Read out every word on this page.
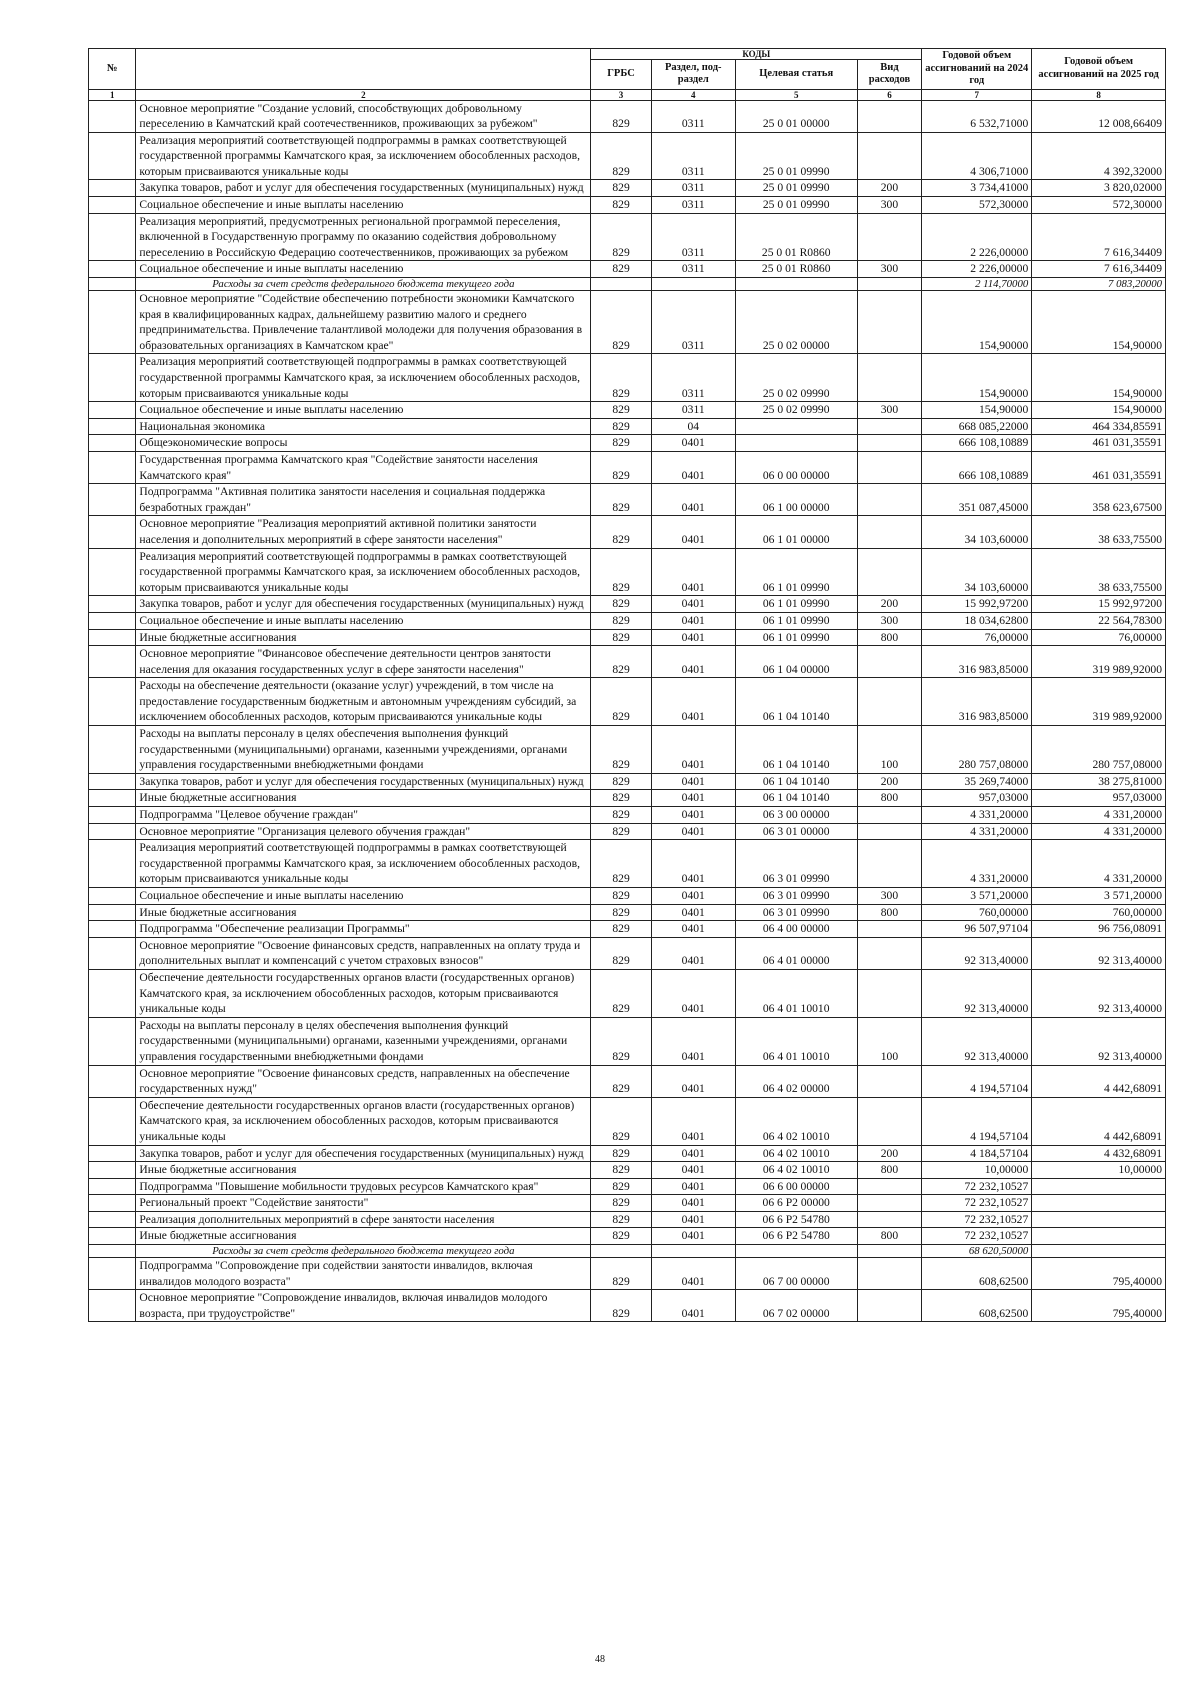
№		КОДЫ				Годовой объем ассигнований на 2024 год	Годовой объем ассигнований на 2025 год
		ГРБС	Раздел, под-раздел	Целевая статья	Вид расходов		
1	2	3	4	5	6	7	8
	Основное мероприятие "Создание условий, способствующих добровольному переселению в Камчатский край соотечественников, проживающих за рубежом"	829	0311	25 0 01 00000		6 532,71000	12 008,66409
	Реализация мероприятий соответствующей подпрограммы в рамках соответствующей государственной программы Камчатского края, за исключением обособленных расходов, которым присваиваются уникальные коды	829	0311	25 0 01 09990		4 306,71000	4 392,32000
	Закупка товаров, работ и услуг для обеспечения государственных (муниципальных) нужд	829	0311	25 0 01 09990	200	3 734,41000	3 820,02000
	Социальное обеспечение и иные выплаты населению	829	0311	25 0 01 09990	300	572,30000	572,30000
	Реализация мероприятий, предусмотренных региональной программой переселения, включенной в Государственную программу по оказанию содействия добровольному переселению в Российскую Федерацию соотечественников, проживающих за рубежом	829	0311	25 0 01 R0860		2 226,00000	7 616,34409
	Социальное обеспечение и иные выплаты населению	829	0311	25 0 01 R0860	300	2 226,00000	7 616,34409
	Расходы за счет средств федерального бюджета текущего года					2 114,70000	7 083,20000
	Основное мероприятие "Содействие обеспечению потребности экономики Камчатского края в квалифицированных кадрах, дальнейшему развитию малого и среднего предпринимательства. Привлечение талантливой молодежи для получения образования в образовательных организациях в Камчатском крае"	829	0311	25 0 02 00000		154,90000	154,90000
	Реализация мероприятий соответствующей подпрограммы в рамках соответствующей государственной программы Камчатского края, за исключением обособленных расходов, которым присваиваются уникальные коды	829	0311	25 0 02 09990		154,90000	154,90000
	Социальное обеспечение и иные выплаты населению	829	0311	25 0 02 09990	300	154,90000	154,90000
	Национальная экономика	829	04			668 085,22000	464 334,85591
	Общеэкономические вопросы	829	0401			666 108,10889	461 031,35591
	Государственная программа Камчатского края "Содействие занятости населения Камчатского края"	829	0401	06 0 00 00000		666 108,10889	461 031,35591
	Подпрограмма "Активная политика занятости населения и социальная поддержка безработных граждан"	829	0401	06 1 00 00000		351 087,45000	358 623,67500
	Основное мероприятие "Реализация мероприятий активной политики занятости населения и дополнительных мероприятий в сфере занятости населения"	829	0401	06 1 01 00000		34 103,60000	38 633,75500
	Реализация мероприятий соответствующей подпрограммы в рамках соответствующей государственной программы Камчатского края, за исключением обособленных расходов, которым присваиваются уникальные коды	829	0401	06 1 01 09990		34 103,60000	38 633,75500
	Закупка товаров, работ и услуг для обеспечения государственных (муниципальных) нужд	829	0401	06 1 01 09990	200	15 992,97200	15 992,97200
	Социальное обеспечение и иные выплаты населению	829	0401	06 1 01 09990	300	18 034,62800	22 564,78300
	Иные бюджетные ассигнования	829	0401	06 1 01 09990	800	76,00000	76,00000
	Основное мероприятие "Финансовое обеспечение деятельности центров занятости населения для оказания государственных услуг в сфере занятости населения"	829	0401	06 1 04 00000		316 983,85000	319 989,92000
	Расходы на обеспечение деятельности (оказание услуг) учреждений, в том числе на предоставление государственным бюджетным и автономным учреждениям субсидий, за исключением обособленных расходов, которым присваиваются уникальные коды	829	0401	06 1 04 10140		316 983,85000	319 989,92000
	Расходы на выплаты персоналу в целях обеспечения выполнения функций государственными (муниципальными) органами, казенными учреждениями, органами управления государственными внебюджетными фондами	829	0401	06 1 04 10140	100	280 757,08000	280 757,08000
	Закупка товаров, работ и услуг для обеспечения государственных (муниципальных) нужд	829	0401	06 1 04 10140	200	35 269,74000	38 275,81000
	Иные бюджетные ассигнования	829	0401	06 1 04 10140	800	957,03000	957,03000
	Подпрограмма "Целевое обучение граждан"	829	0401	06 3 00 00000		4 331,20000	4 331,20000
	Основное мероприятие "Организация целевого обучения граждан"	829	0401	06 3 01 00000		4 331,20000	4 331,20000
	Реализация мероприятий соответствующей подпрограммы в рамках соответствующей государственной программы Камчатского края, за исключением обособленных расходов, которым присваиваются уникальные коды	829	0401	06 3 01 09990		4 331,20000	4 331,20000
	Социальное обеспечение и иные выплаты населению	829	0401	06 3 01 09990	300	3 571,20000	3 571,20000
	Иные бюджетные ассигнования	829	0401	06 3 01 09990	800	760,00000	760,00000
	Подпрограмма "Обеспечение реализации Программы"	829	0401	06 4 00 00000		96 507,97104	96 756,08091
	Основное мероприятие "Освоение финансовых средств, направленных на оплату труда и дополнительных выплат и компенсаций с учетом страховых взносов"	829	0401	06 4 01 00000		92 313,40000	92 313,40000
	Обеспечение деятельности государственных органов власти (государственных органов) Камчатского края, за исключением обособленных расходов, которым присваиваются уникальные коды	829	0401	06 4 01 10010		92 313,40000	92 313,40000
	Расходы на выплаты персоналу в целях обеспечения выполнения функций государственными (муниципальными) органами, казенными учреждениями, органами управления государственными внебюджетными фондами	829	0401	06 4 01 10010	100	92 313,40000	92 313,40000
	Основное мероприятие "Освоение финансовых средств, направленных на обеспечение государственных нужд"	829	0401	06 4 02 00000		4 194,57104	4 442,68091
	Обеспечение деятельности государственных органов власти (государственных органов) Камчатского края, за исключением обособленных расходов, которым присваиваются уникальные коды	829	0401	06 4 02 10010		4 194,57104	4 442,68091
	Закупка товаров, работ и услуг для обеспечения государственных (муниципальных) нужд	829	0401	06 4 02 10010	200	4 184,57104	4 432,68091
	Иные бюджетные ассигнования	829	0401	06 4 02 10010	800	10,00000	10,00000
	Подпрограмма "Повышение мобильности трудовых ресурсов Камчатского края"	829	0401	06 6 00 00000		72 232,10527	
	Региональный проект "Содействие занятости"	829	0401	06 6 P2 00000		72 232,10527	
	Реализация дополнительных мероприятий в сфере занятости населения	829	0401	06 6 P2 54780		72 232,10527	
	Иные бюджетные ассигнования	829	0401	06 6 P2 54780	800	72 232,10527	
	Расходы за счет средств федерального бюджета текущего года					68 620,50000	
	Подпрограмма "Сопровождение при содействии занятости инвалидов, включая инвалидов молодого возраста"	829	0401	06 7 00 00000		608,62500	795,40000
	Основное мероприятие "Сопровождение инвалидов, включая инвалидов молодого возраста, при трудоустройстве"	829	0401	06 7 02 00000		608,62500	795,40000
48
